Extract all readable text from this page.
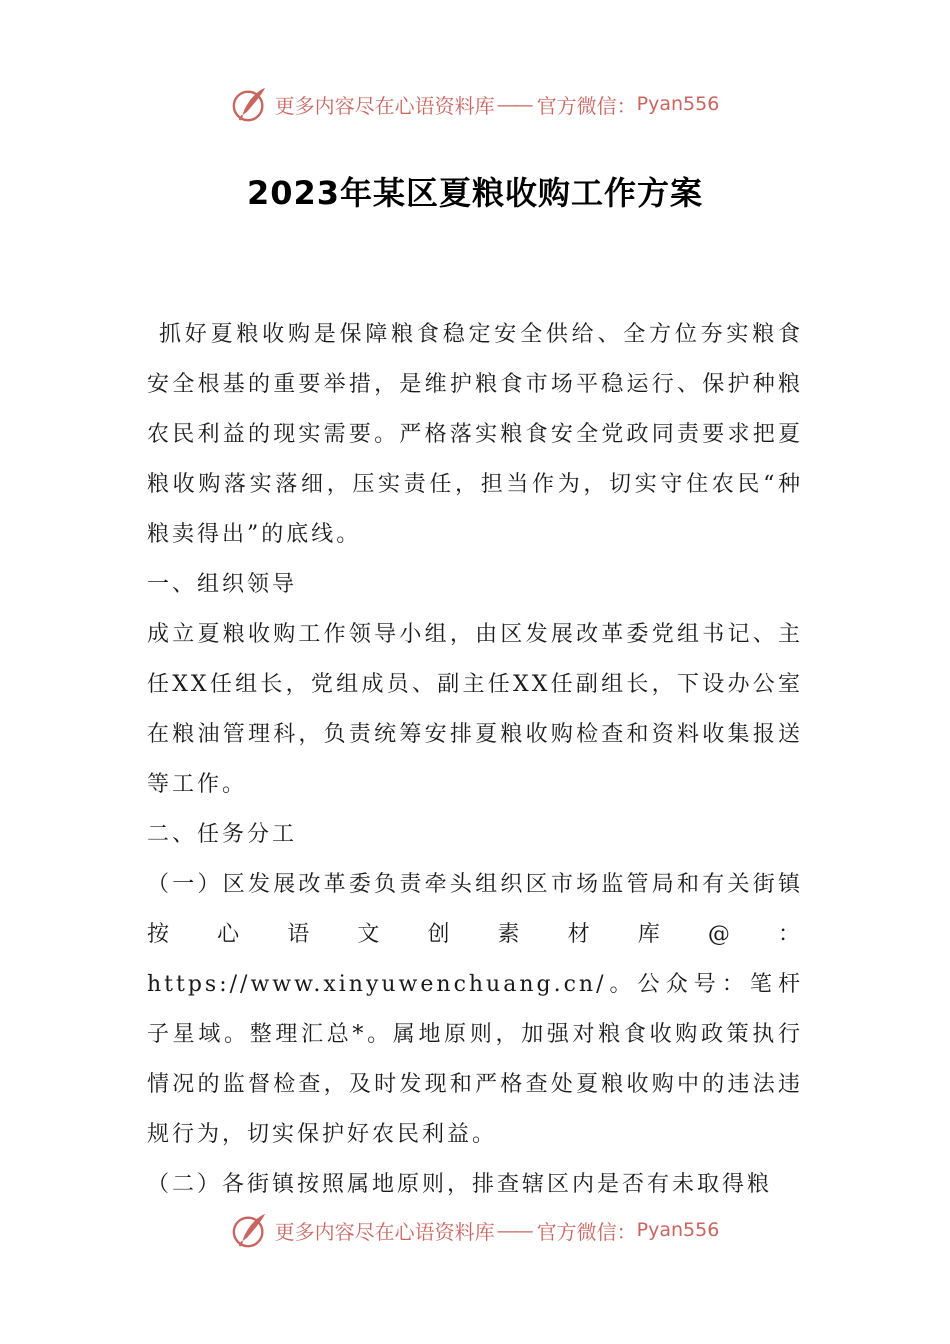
更多内容尽在心语资料库 —— 官方微信： Pyan556
2023年某区夏粮收购工作方案

抓好夏粮收购是保障粮食稳定安全供给、全方位夯实粮食安全根基的重要举措，是维护粮食市场平稳运行、保护种粮农民利益的现实需要。严格落实粮食安全党政同责要求把夏粮收购落实落细，压实责任，担当作为，切实守住农民“种粮卖得出”的底线。

一、组织领导

成立夏粮收购工作领导小组，由区发展改革委党组书记、主任XX任组长，党组成员、副主任XX任副组长，下设办公室在粮油管理科，负责统筹安排夏粮收购检查和资料收集报送等工作。

二、任务分工

（一）区发展改革委负责牵头组织区市场监管局和有关街镇按心语文创素材库@：https://www.xinyuwenchuang.cn/。公众号：笔杆子星域。整理汇总*。属地原则，加强对粮食收购政策执行情况的监督检查，及时发现和严格查处夏粮收购中的违法违规行为，切实保护好农民利益。

（二）各街镇按照属地原则，排查辖区内是否有未取得粮

更多内容尽在心语资料库 —— 官方微信： Pyan556
